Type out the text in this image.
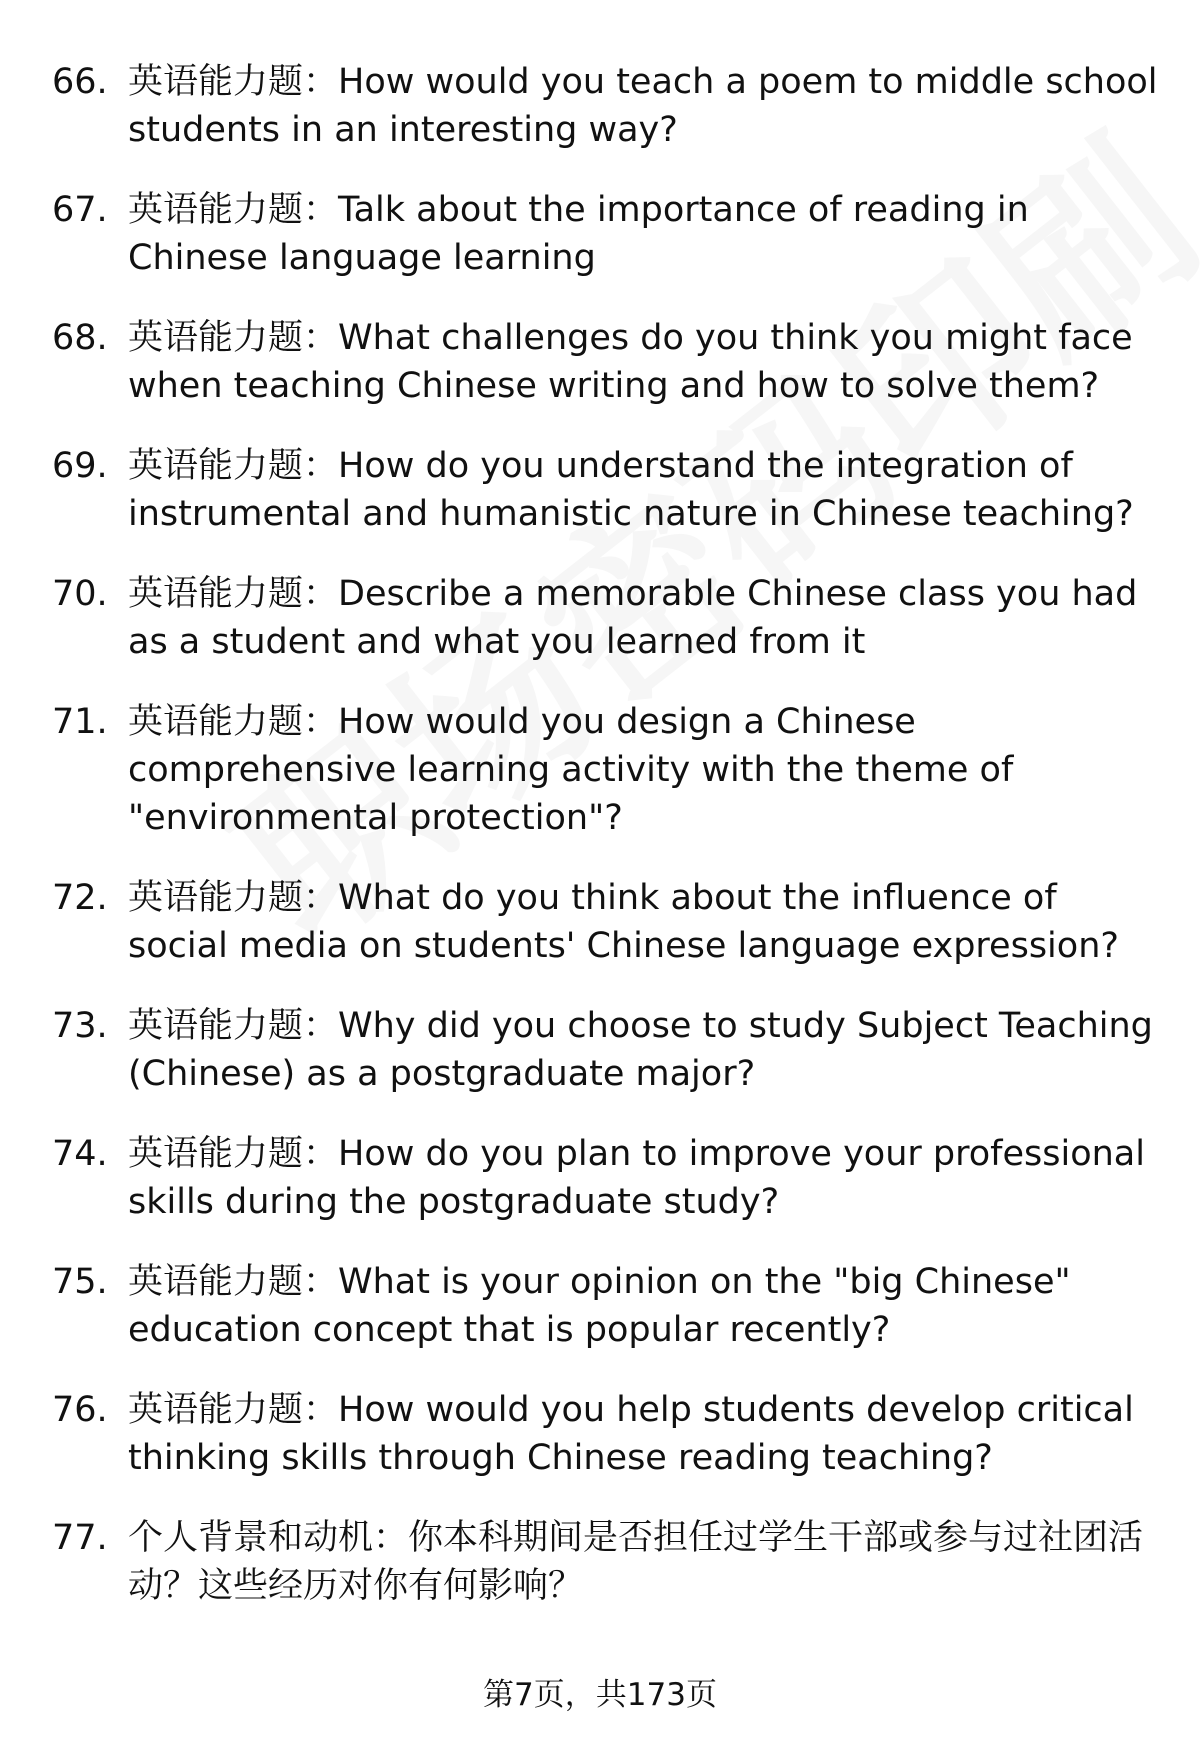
66. 英语能力题：How would you teach a poem to middle school students in an interesting way?
67. 英语能力题：Talk about the importance of reading in Chinese language learning
68. 英语能力题：What challenges do you think you might face when teaching Chinese writing and how to solve them?
69. 英语能力题：How do you understand the integration of instrumental and humanistic nature in Chinese teaching?
70. 英语能力题：Describe a memorable Chinese class you had as a student and what you learned from it
71. 英语能力题：How would you design a Chinese comprehensive learning activity with the theme of "environmental protection"?
72. 英语能力题：What do you think about the influence of social media on students' Chinese language expression?
73. 英语能力题：Why did you choose to study Subject Teaching (Chinese) as a postgraduate major?
74. 英语能力题：How do you plan to improve your professional skills during the postgraduate study?
75. 英语能力题：What is your opinion on the "big Chinese" education concept that is popular recently?
76. 英语能力题：How would you help students develop critical thinking skills through Chinese reading teaching?
77. 个人背景和动机：你本科期间是否担任过学生干部或参与过社团活动？这些经历对你有何影响？
第7页，共173页
